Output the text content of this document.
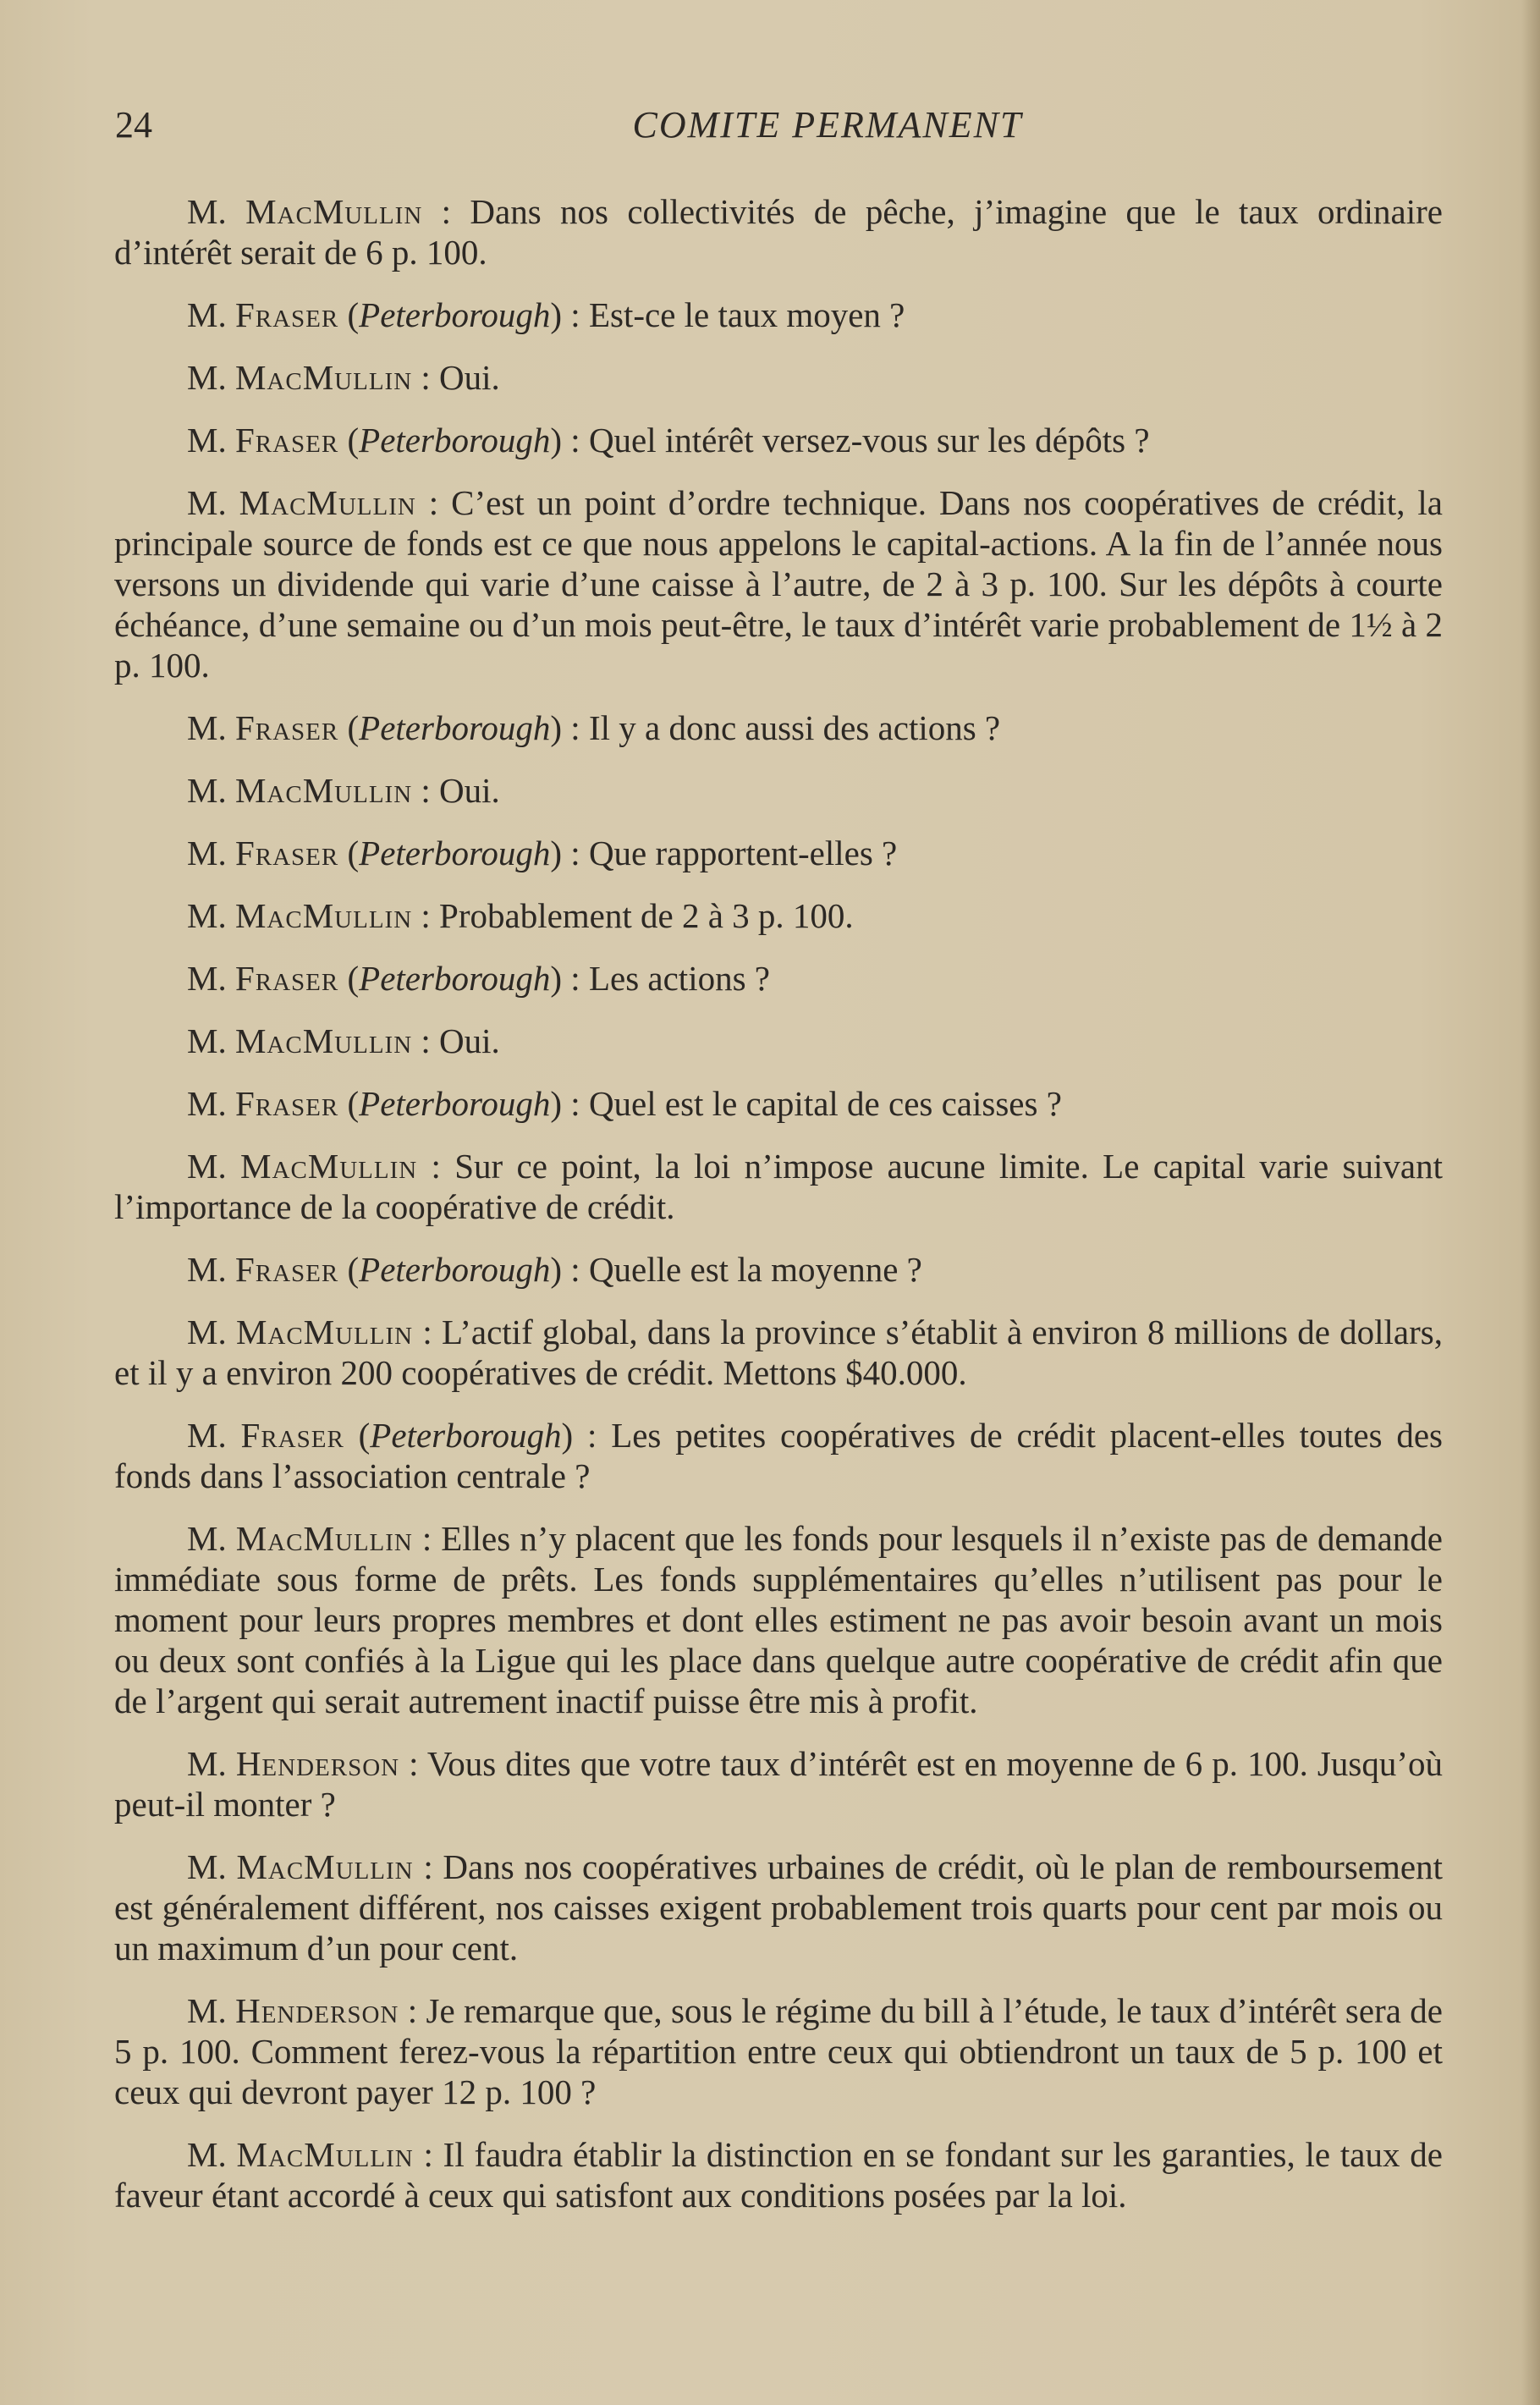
24	COMITE PERMANENT

M. MacMullin : Dans nos collectivités de pêche, j’imagine que le taux ordinaire d’intérêt serait de 6 p. 100.

M. Fraser (Peterborough) : Est-ce le taux moyen ?

M. MacMullin : Oui.

M. Fraser (Peterborough) : Quel intérêt versez-vous sur les dépôts ?

M. MacMullin : C’est un point d’ordre technique. Dans nos coopératives de crédit, la principale source de fonds est ce que nous appelons le capital-actions. A la fin de l’année nous versons un dividende qui varie d’une caisse à l’autre, de 2 à 3 p. 100. Sur les dépôts à courte échéance, d’une semaine ou d’un mois peut-être, le taux d’intérêt varie probablement de 1½ à 2 p. 100.

M. Fraser (Peterborough) : Il y a donc aussi des actions ?

M. MacMullin : Oui.

M. Fraser (Peterborough) : Que rapportent-elles ?

M. MacMullin : Probablement de 2 à 3 p. 100.

M. Fraser (Peterborough) : Les actions ?

M. MacMullin : Oui.

M. Fraser (Peterborough) : Quel est le capital de ces caisses ?

M. MacMullin : Sur ce point, la loi n’impose aucune limite. Le capital varie suivant l’importance de la coopérative de crédit.

M. Fraser (Peterborough) : Quelle est la moyenne ?

M. MacMullin : L’actif global, dans la province s’établit à environ 8 millions de dollars, et il y a environ 200 coopératives de crédit. Mettons $40.000.

M. Fraser (Peterborough) : Les petites coopératives de crédit placent-elles toutes des fonds dans l’association centrale ?

M. MacMullin : Elles n’y placent que les fonds pour lesquels il n’existe pas de demande immédiate sous forme de prêts. Les fonds supplémentaires qu’elles n’utilisent pas pour le moment pour leurs propres membres et dont elles estiment ne pas avoir besoin avant un mois ou deux sont confiés à la Ligue qui les place dans quelque autre coopérative de crédit afin que de l’argent qui serait autrement inactif puisse être mis à profit.

M. Henderson : Vous dites que votre taux d’intérêt est en moyenne de 6 p. 100. Jusqu’où peut-il monter ?

M. MacMullin : Dans nos coopératives urbaines de crédit, où le plan de remboursement est généralement différent, nos caisses exigent probablement trois quarts pour cent par mois ou un maximum d’un pour cent.

M. Henderson : Je remarque que, sous le régime du bill à l’étude, le taux d’intérêt sera de 5 p. 100. Comment ferez-vous la répartition entre ceux qui obtiendront un taux de 5 p. 100 et ceux qui devront payer 12 p. 100 ?

M. MacMullin : Il faudra établir la distinction en se fondant sur les garanties, le taux de faveur étant accordé à ceux qui satisfont aux conditions posées par la loi.
